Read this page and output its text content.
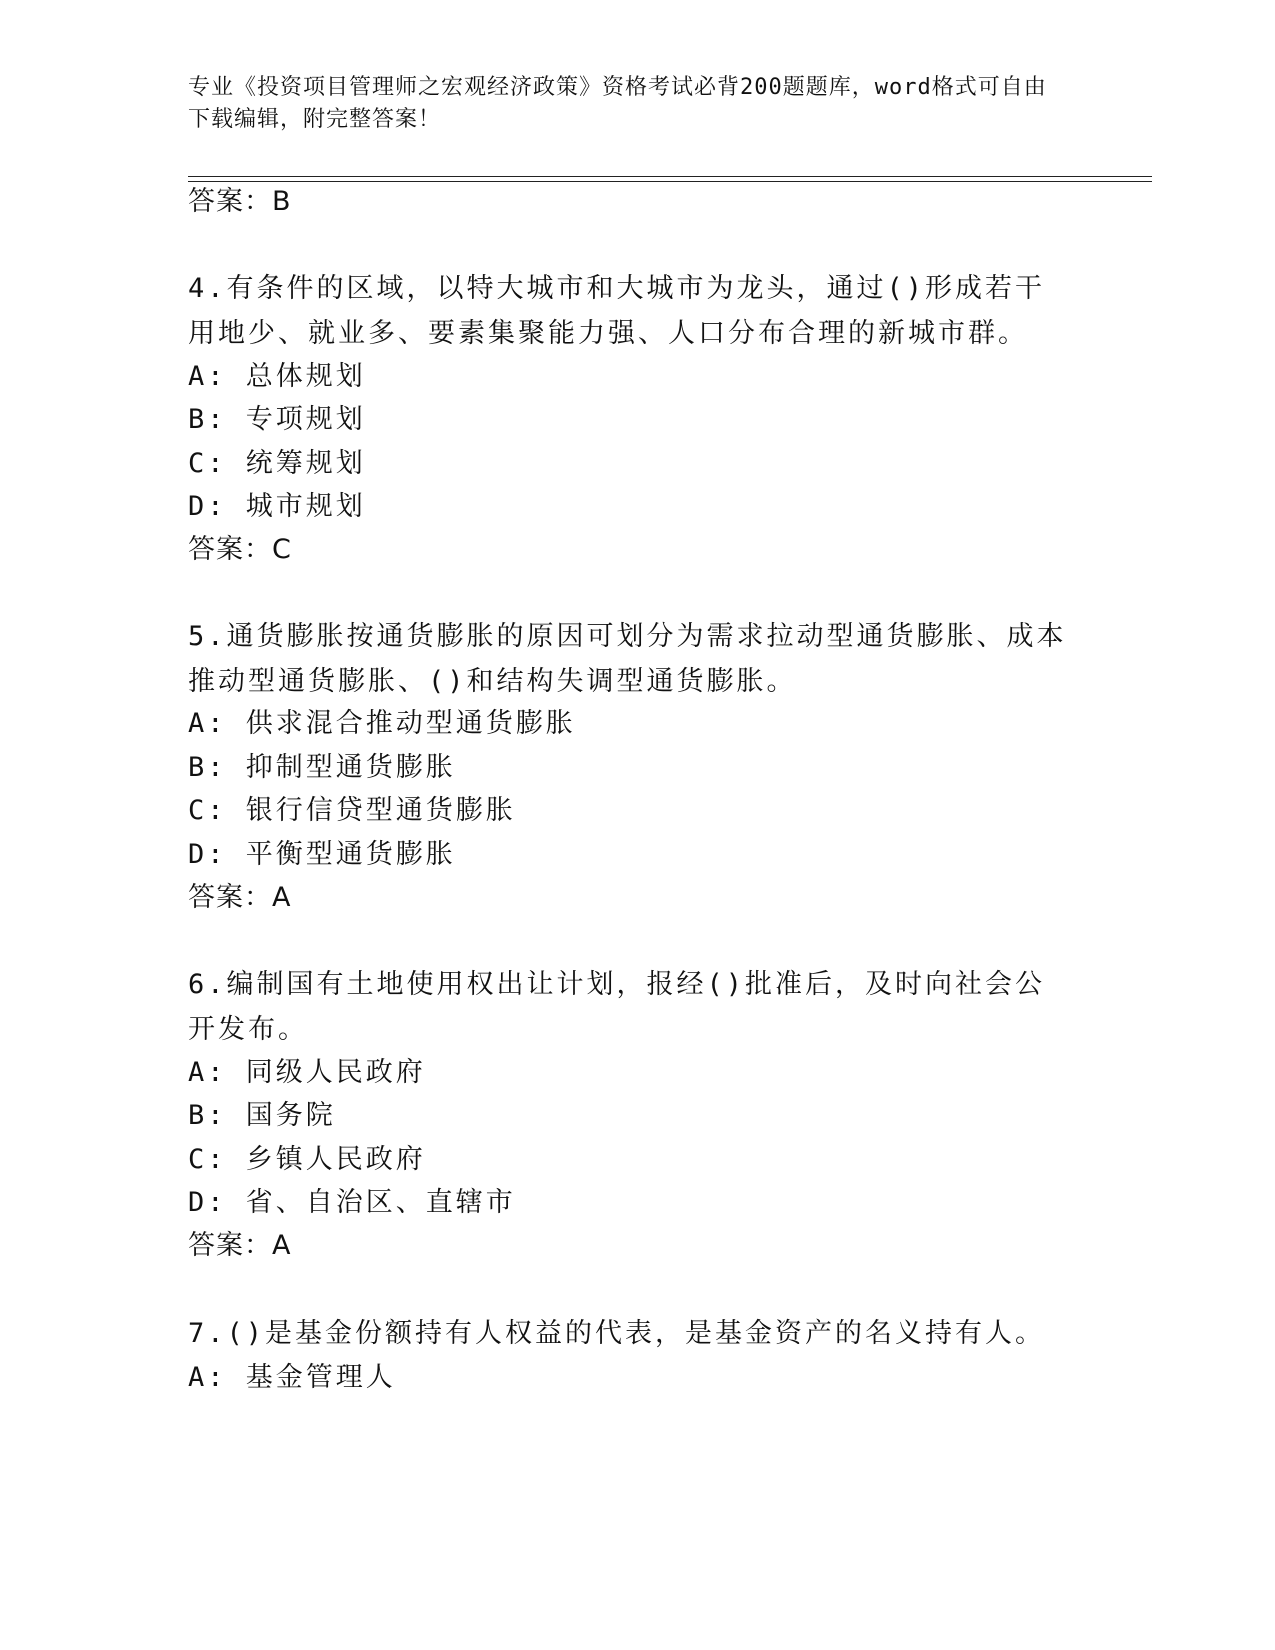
专业《投资项目管理师之宏观经济政策》资格考试必背200题题库，word格式可自由下载编辑，附完整答案！
答案：B
4.有条件的区域，以特大城市和大城市为龙头，通过()形成若干用地少、就业多、要素集聚能力强、人口分布合理的新城市群。
A: 总体规划
B: 专项规划
C: 统筹规划
D: 城市规划
答案：C
5.通货膨胀按通货膨胀的原因可划分为需求拉动型通货膨胀、成本推动型通货膨胀、()和结构失调型通货膨胀。
A: 供求混合推动型通货膨胀
B: 抑制型通货膨胀
C: 银行信贷型通货膨胀
D: 平衡型通货膨胀
答案：A
6.编制国有土地使用权出让计划，报经()批准后，及时向社会公开发布。
A: 同级人民政府
B: 国务院
C: 乡镇人民政府
D: 省、自治区、直辖市
答案：A
7.()是基金份额持有人权益的代表，是基金资产的名义持有人。
A: 基金管理人
